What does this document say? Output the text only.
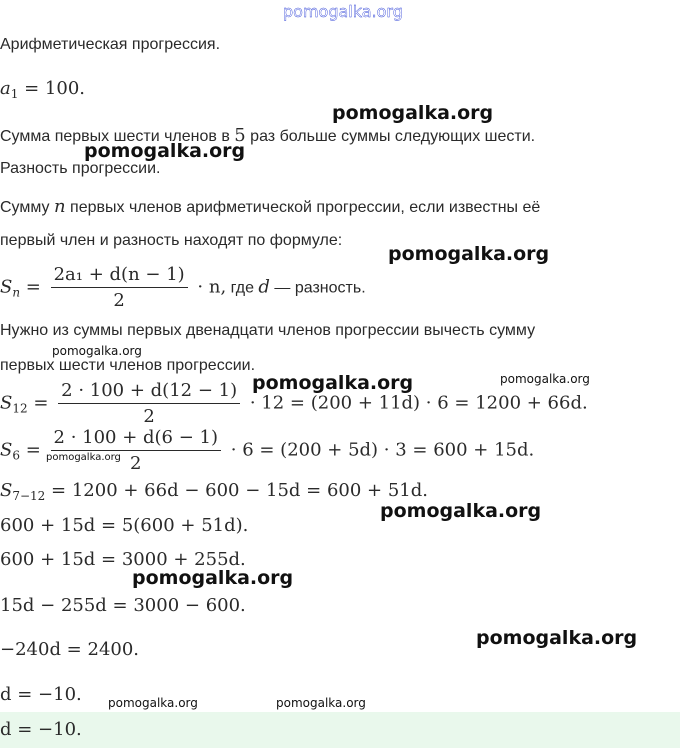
pomogalka.org
Арифметическая прогрессия.
$a_1 = 100$.
Сумма первых шести членов в 5 раз больше суммы следующих шести.
Разность прогрессии.
Сумму n первых членов арифметической прогрессии, если известны её
первый член и разность находят по формуле:
$S_n = \frac{\text{2a₁ + d(n − 1)}}{2} \cdot n$, где d — разность.
Нужно из суммы первых двенадцати членов прогрессии вычесть сумму
первых шести членов прогрессии.
$S_{12} = \frac{2 \cdot 100 + d(12 - 1)}{2} \cdot 12 = (200 + 11d) \cdot 6 = 1200 + 66d$.
$S_6 = \frac{2 \cdot 100 + d(6 - 1)}{2} \cdot 6 = (200 + 5d) \cdot 3 = 600 + 15d$.
$S_{7-12} = 1200 + 66d - 600 - 15d = 600 + 51d$.
600 + 15d = 5(600 + 51d).
600 + 15d = 3000 + 255d.
15d − 255d = 3000 − 600.
−240d = 2400.
d = −10.
d = −10.
pomogalka.org
pomogalka.org
pomogalka.org
pomogalka.org
pomogalka.org	pomogalka.org
pomogalka.org
pomogalka.org
pomogalka.org
pomogalka.org
pomogalka.org	pomogalka.org
